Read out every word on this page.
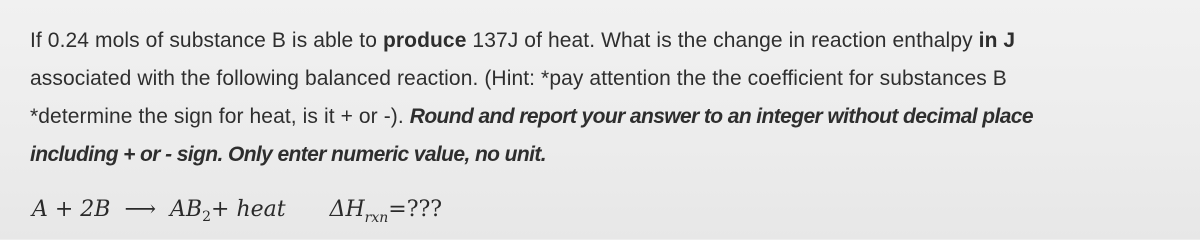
If 0.24 mols of substance B is able to produce 137J of heat. What is the change in reaction enthalpy in J
associated with the following balanced reaction. (Hint: *pay attention the the coefficient for substances B
*determine the sign for heat, is it + or -). Round and report your answer to an integer without decimal place
including + or - sign. Only enter numeric value, no unit.
A + 2B ⟶ AB2+ heat ΔHrxn=???
